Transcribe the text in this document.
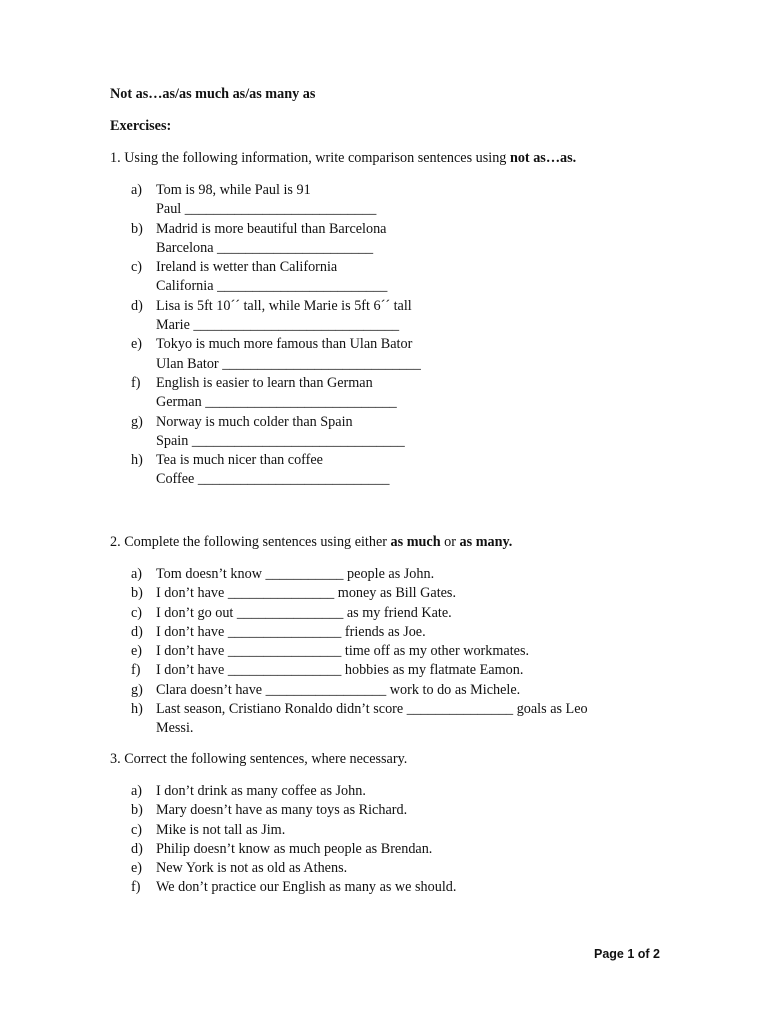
Not as…as/as much as/as many as
Exercises:
1. Using the following information, write comparison sentences using not as…as.
a) Tom is 98, while Paul is 91
Paul ___________________________
b) Madrid is more beautiful than Barcelona
Barcelona ______________________
c) Ireland is wetter than California
California ________________________
d) Lisa is 5ft 10´´ tall, while Marie is 5ft 6´´ tall
Marie _____________________________
e) Tokyo is much more famous than Ulan Bator
Ulan Bator ____________________________
f) English is easier to learn than German
German ___________________________
g) Norway is much colder than Spain
Spain ______________________________
h) Tea is much nicer than coffee
Coffee ___________________________
2. Complete the following sentences using either as much or as many.
a) Tom doesn’t know ___________ people as John.
b) I don’t have _______________ money as Bill Gates.
c) I don’t go out _______________ as my friend Kate.
d) I don’t have ________________ friends as Joe.
e) I don’t have ________________ time off as my other workmates.
f) I don’t have ________________ hobbies as my flatmate Eamon.
g) Clara doesn’t have _________________ work to do as Michele.
h) Last season, Cristiano Ronaldo didn’t score _______________ goals as Leo
Messi.
3. Correct the following sentences, where necessary.
a) I don’t drink as many coffee as John.
b) Mary doesn’t have as many toys as Richard.
c) Mike is not tall as Jim.
d) Philip doesn’t know as much people as Brendan.
e) New York is not as old as Athens.
f) We don’t practice our English as many as we should.
Page 1 of 2
